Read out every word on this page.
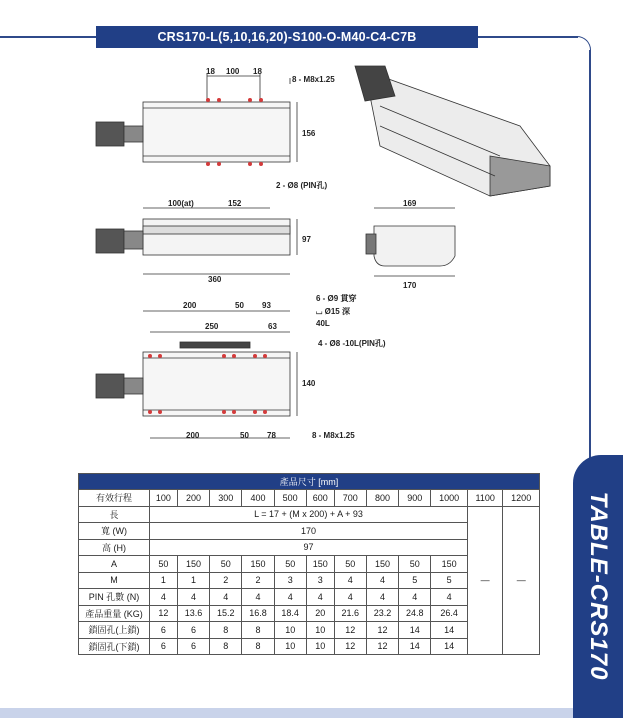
CRS170-L(5,10,16,20)-S100-O-M40-C4-C7B
18 100 18
8 - M8x1.25
156
2 - Ø8 (PIN孔)
100(at)	152
97
360
169
170
200	50 93
250	63
6 - Ø9 貫穿
⌴ Ø15 深
40L
4 - Ø8 -10L(PIN孔)
140
200	50 78	8 - M8x1.25
產品尺寸 [mm]												
有效行程	100	200	300	400	500	600	700	800	900	1000	1100	1200
長	L = 17 + (M x 200) + A + 93										—	—
寬 (W)	170											
高 (H)	97											
A	50	150	50	150	50	150	50	150	50	150		
M	1	1	2	2	3	3	4	4	5	5		
PIN 孔數 (N)	4	4	4	4	4	4	4	4	4	4		
產品重量 (KG)	12	13.6	15.2	16.8	18.4	20	21.6	23.2	24.8	26.4		
鎖固孔(上鎖)	6	6	8	8	10	10	12	12	14	14		
鎖固孔(下鎖)	6	6	8	8	10	10	12	12	14	14			TABLE-CRS170
